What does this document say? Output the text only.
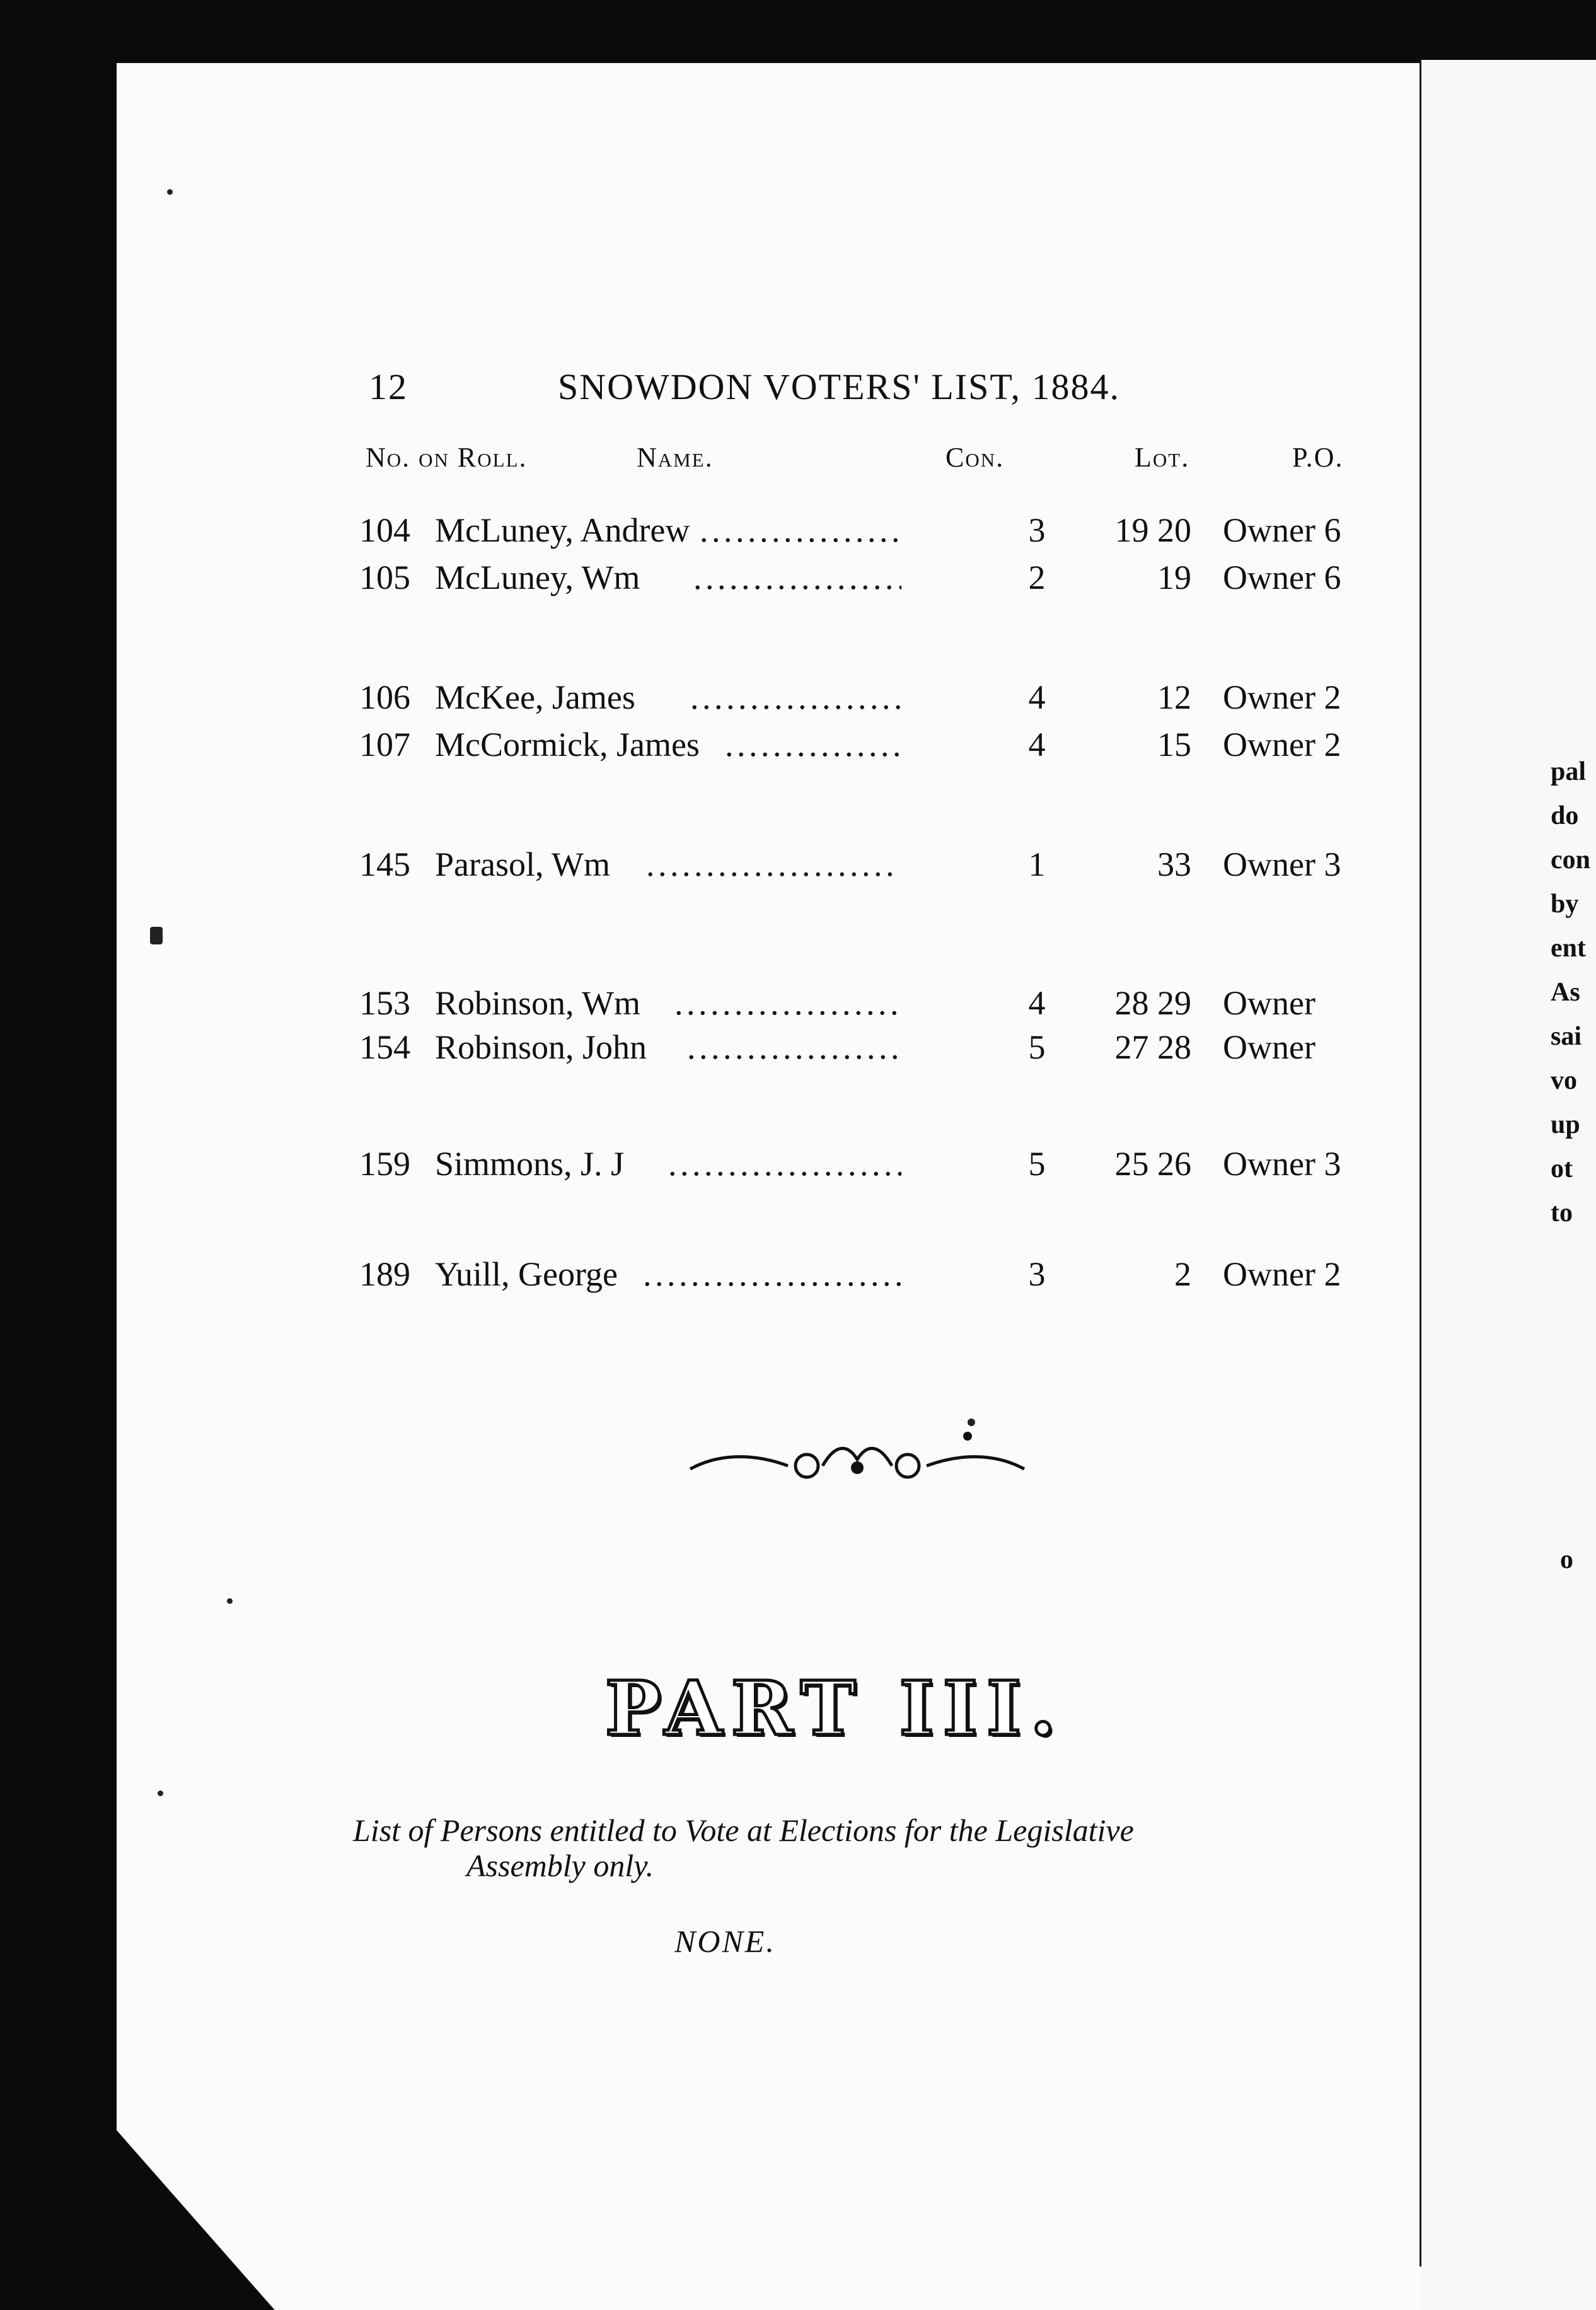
12	SNOWDON VOTERS' LIST, 1884.
No. on Roll.	Name.	Con.	Lot.	P.O.
104 McLuney, Andrew . . .	3	19 20 Owner 6
105 McLuney, Wm . . .	2	19 Owner 6
106 McKee, James . . .	4	12 Owner 2
107 McCormick, James . . .	4	15 Owner 2
145 Parasol, Wm . . .	1	33 Owner 3
153 Robinson, Wm . . .	4	28 29 Owner
154 Robinson, John . . .	5	27 28 Owner
159 Simmons, J. J . . .	5	25 26 Owner 3
189 Yuill, George . . .	3	2 Owner 2
PART III.
List of Persons entitled to Vote at Elections for the Legislative
Assembly only.
NONE.
pal
do
con
by
ent
As
sai
vo
up
ot
to
o
